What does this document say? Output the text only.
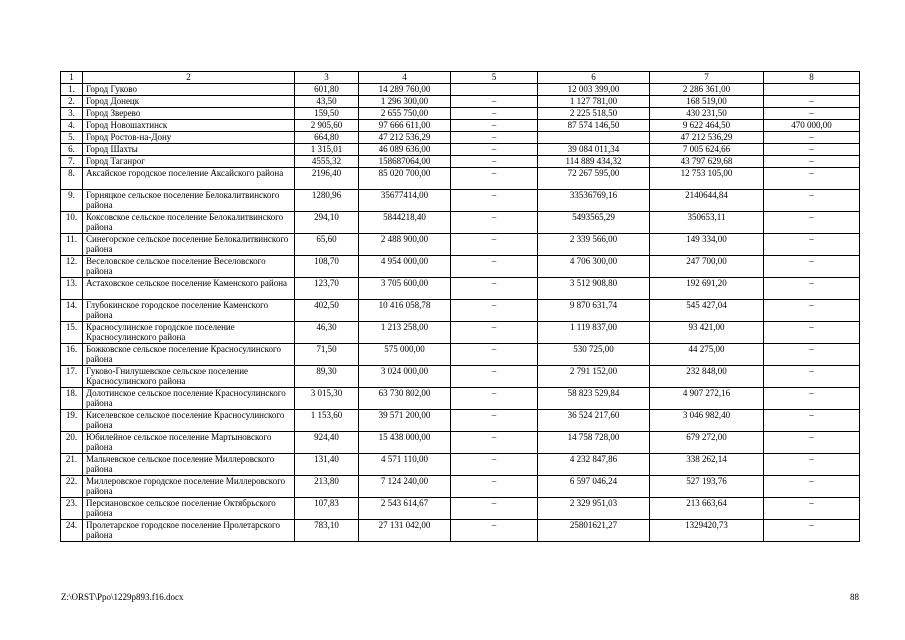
1	2	3	4	5	6	7	8
1.	Город Гуково	601,80	14 289 760,00		12 003 399,00	2 286 361,00	
2.	Город Донецк	43,50	1 296 300,00	–	1 127 781,00	168 519,00	–
3.	Город Зверево	159,50	2 655 750,00	–	2 225 518,50	430 231,50	–
4.	Город Новошахтинск	2 905,60	97 666 611,00	–	87 574 146,50	9 622 464,50	470 000,00
5.	Город Ростов-на-Дону	664,80	47 212 536,29	–		47 212 536,29	–
6.	Город Шахты	1 315,01	46 089 636,00	–	39 084 011,34	7 005 624,66	–
7.	Город Таганрог	4555,32	158687064,00	–	114 889 434,32	43 797 629,68	–
8.	Аксайское городское поселение Аксайского района	2196,40	85 020 700,00	–	72 267 595,00	12 753 105,00	–
9.	Горняцкое сельское поселение Белокалитвинского района	1280,96	35677414,00	–	33536769,16	2140644,84	–
10.	Коксовское сельское поселение Белокалитвинского района	294,10	5844218,40	–	5493565,29	350653,11	–
11.	Синегорское сельское поселение Белокалитвинского района	65,60	2 488 900,00	–	2 339 566,00	149 334,00	–
12.	Веселовское сельское поселение Веселовского района	108,70	4 954 000,00	–	4 706 300,00	247 700,00	–
13.	Астаховское сельское поселение Каменского района	123,70	3 705 600,00	–	3 512 908,80	192 691,20	–
14.	Глубокинское городское поселение Каменского района	402,50	10 416 058,78	–	9 870 631,74	545 427,04	–
15.	Красносулинское городское поселение Красносулинского района	46,30	1 213 258,00	–	1 119 837,00	93 421,00	–
16.	Божковское сельское поселение Красносулинского района	71,50	575 000,00	–	530 725,00	44 275,00	–
17.	Гуково-Гнилушевское сельское поселение Красносулинского района	89,30	3 024 000,00	–	2 791 152,00	232 848,00	–
18.	Долотинское сельское поселение Красносулинского района	3 015,30	63 730 802,00	–	58 823 529,84	4 907 272,16	–
19.	Киселевское сельское поселение Красносулинского района	1 153,60	39 571 200,00	–	36 524 217,60	3 046 982,40	–
20.	Юбилейное сельское поселение Мартыновского района	924,40	15 438 000,00	–	14 758 728,00	679 272,00	–
21.	Мальчевское сельское поселение Миллеровского района	131,40	4 571 110,00	–	4 232 847,86	338 262,14	–
22.	Миллеровское городское поселение Миллеровского района	213,80	7 124 240,00	–	6 597 046,24	527 193,76	–
23.	Персиановское сельское поселение Октябрьского района	107,83	2 543 614,67	–	2 329 951,03	213 663,64	–
24.	Пролетарское городское поселение Пролетарского района	783,10	27 131 042,00	–	25801621,27	1329420,73	–
Z:\ORST\Ppo\1229p893.f16.docx	88
